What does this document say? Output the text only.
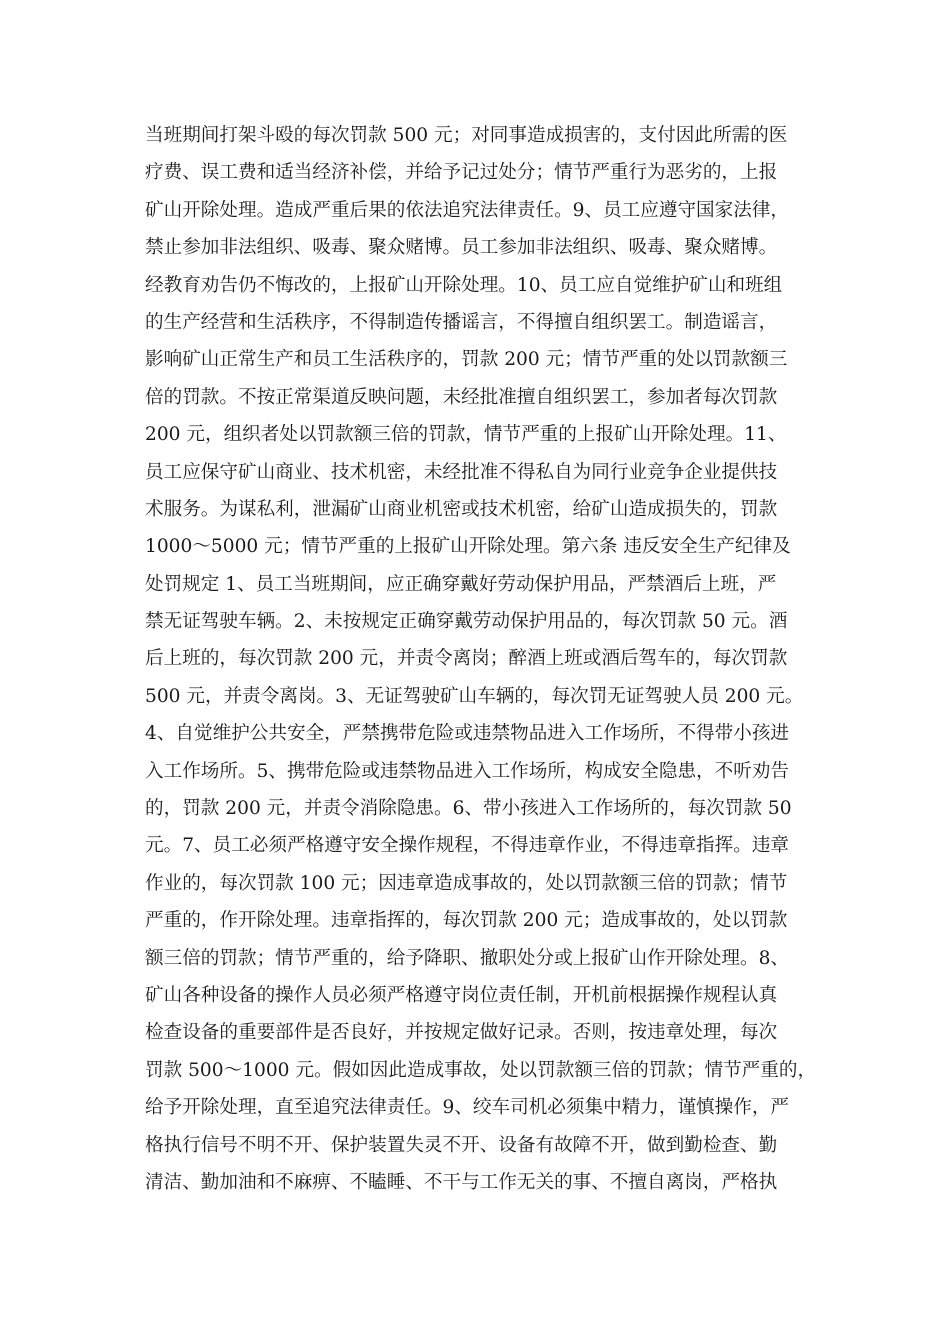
当班期间打架斗殴的每次罚款 500 元；对同事造成损害的，支付因此所需的医
疗费、误工费和适当经济补偿，并给予记过处分；情节严重行为恶劣的，上报
矿山开除处理。造成严重后果的依法追究法律责任。9、员工应遵守国家法律，
禁止参加非法组织、吸毒、聚众赌博。员工参加非法组织、吸毒、聚众赌博。
经教育劝告仍不悔改的，上报矿山开除处理。10、员工应自觉维护矿山和班组
的生产经营和生活秩序，不得制造传播谣言，不得擅自组织罢工。制造谣言，
影响矿山正常生产和员工生活秩序的，罚款 200 元；情节严重的处以罚款额三
倍的罚款。不按正常渠道反映问题，未经批准擅自组织罢工，参加者每次罚款
200 元，组织者处以罚款额三倍的罚款，情节严重的上报矿山开除处理。11、
员工应保守矿山商业、技术机密，未经批准不得私自为同行业竞争企业提供技
术服务。为谋私利，泄漏矿山商业机密或技术机密，给矿山造成损失的，罚款
1000～5000 元；情节严重的上报矿山开除处理。第六条 违反安全生产纪律及
处罚规定 1、员工当班期间，应正确穿戴好劳动保护用品，严禁酒后上班，严
禁无证驾驶车辆。2、未按规定正确穿戴劳动保护用品的，每次罚款 50 元。酒
后上班的，每次罚款 200 元，并责令离岗；醉酒上班或酒后驾车的，每次罚款
500 元，并责令离岗。3、无证驾驶矿山车辆的，每次罚无证驾驶人员 200 元。
4、自觉维护公共安全，严禁携带危险或违禁物品进入工作场所，不得带小孩进
入工作场所。5、携带危险或违禁物品进入工作场所，构成安全隐患，不听劝告
的，罚款 200 元，并责令消除隐患。6、带小孩进入工作场所的，每次罚款 50
元。7、员工必须严格遵守安全操作规程，不得违章作业，不得违章指挥。违章
作业的，每次罚款 100 元；因违章造成事故的，处以罚款额三倍的罚款；情节
严重的，作开除处理。违章指挥的，每次罚款 200 元；造成事故的，处以罚款
额三倍的罚款；情节严重的，给予降职、撤职处分或上报矿山作开除处理。8、
矿山各种设备的操作人员必须严格遵守岗位责任制，开机前根据操作规程认真
检查设备的重要部件是否良好，并按规定做好记录。否则，按违章处理，每次
罚款 500～1000 元。假如因此造成事故，处以罚款额三倍的罚款；情节严重的，
给予开除处理，直至追究法律责任。9、绞车司机必须集中精力，谨慎操作，严
格执行信号不明不开、保护装置失灵不开、设备有故障不开，做到勤检查、勤
清洁、勤加油和不麻痹、不瞌睡、不干与工作无关的事、不擅自离岗，严格执
